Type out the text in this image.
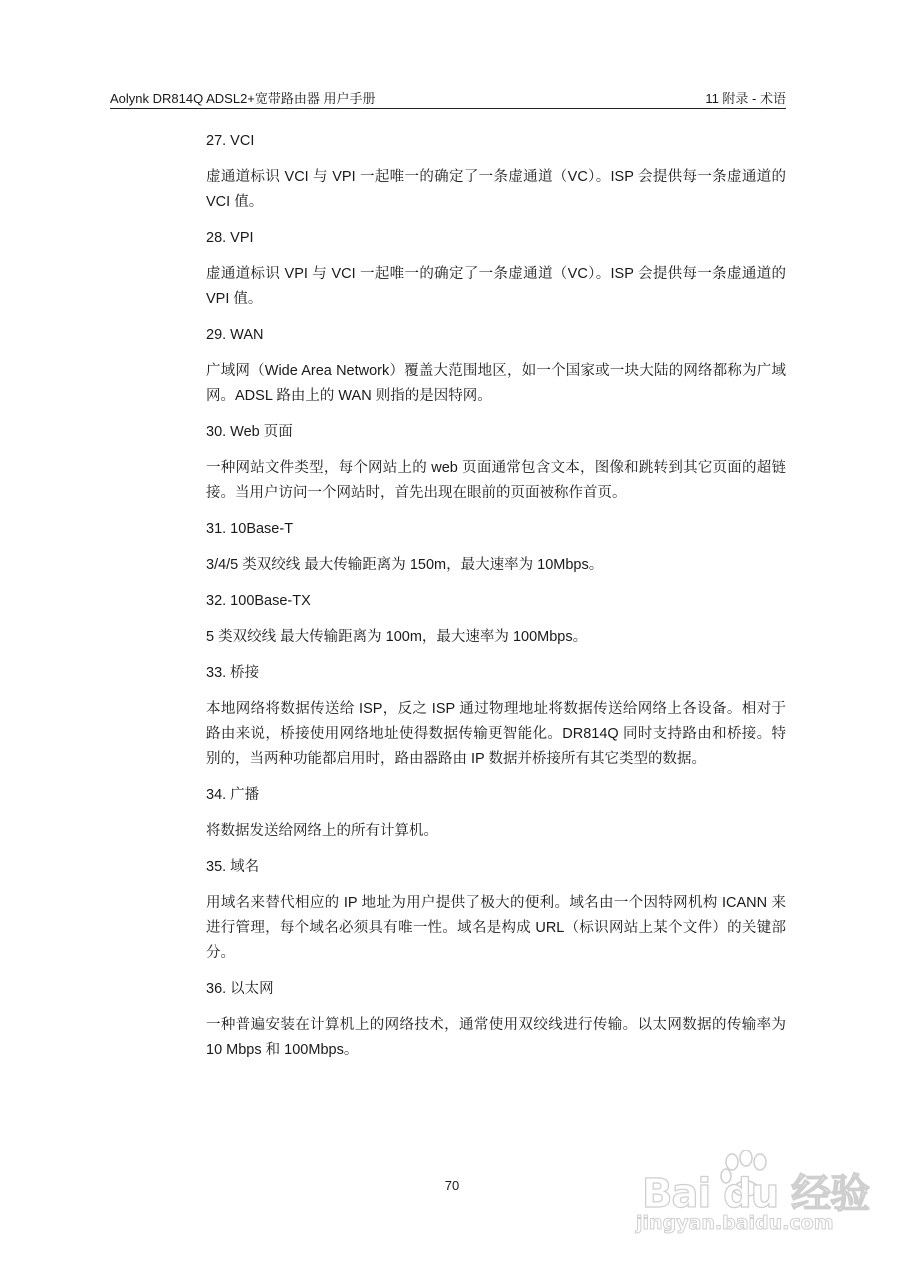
Aolynk DR814Q ADSL2+宽带路由器 用户手册	11 附录 - 术语

27. VCI

虚通道标识 VCI 与 VPI 一起唯一的确定了一条虚通道（VC）。ISP 会提供每一条虚通道的 VCI 值。

28. VPI

虚通道标识 VPI 与 VCI 一起唯一的确定了一条虚通道（VC）。ISP 会提供每一条虚通道的 VPI 值。

29. WAN

广域网（Wide Area Network）覆盖大范围地区，如一个国家或一块大陆的网络都称为广域网。ADSL 路由上的 WAN 则指的是因特网。

30. Web 页面

一种网站文件类型，每个网站上的 web 页面通常包含文本，图像和跳转到其它页面的超链接。当用户访问一个网站时，首先出现在眼前的页面被称作首页。

31. 10Base-T

3/4/5 类双绞线 最大传输距离为 150m，最大速率为 10Mbps。

32. 100Base-TX

5 类双绞线 最大传输距离为 100m，最大速率为 100Mbps。

33. 桥接

本地网络将数据传送给 ISP，反之 ISP 通过物理地址将数据传送给网络上各设备。相对于路由来说，桥接使用网络地址使得数据传输更智能化。DR814Q 同时支持路由和桥接。特别的，当两种功能都启用时，路由器路由 IP 数据并桥接所有其它类型的数据。

34. 广播

将数据发送给网络上的所有计算机。

35. 域名

用域名来替代相应的 IP 地址为用户提供了极大的便利。域名由一个因特网机构 ICANN 来进行管理，每个域名必须具有唯一性。域名是构成 URL（标识网站上某个文件）的关键部分。

36. 以太网

一种普遍安装在计算机上的网络技术，通常使用双绞线进行传输。以太网数据的传输率为 10 Mbps 和 100Mbps。

70	Bai du 经验
jingyan.baidu.com
